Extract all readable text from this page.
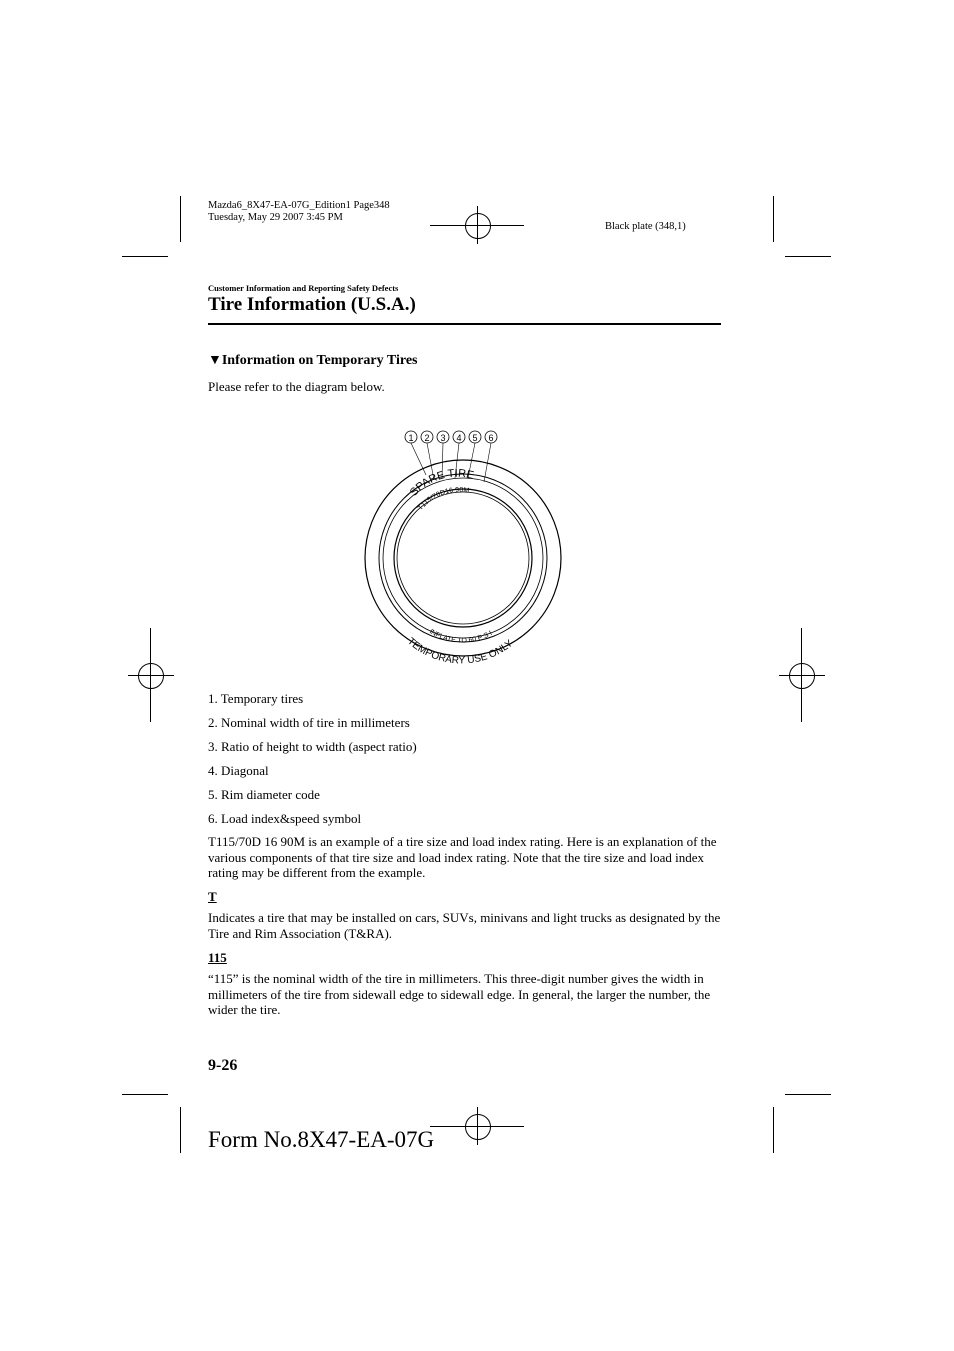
Mazda6_8X47-EA-07G_Edition1 Page348
Tuesday, May 29 2007 3:45 PM
Black plate (348,1)
Customer Information and Reporting Safety Defects
Tire Information (U.S.A.)
▼Information on Temporary Tires
Please refer to the diagram below.
1 2 3 4 5 6
SPARE TIRE
T115/70D16 90M
INFLATE TO 60 P S I
TEMPORARY USE ONLY
1. Temporary tires
2. Nominal width of tire in millimeters
3. Ratio of height to width (aspect ratio)
4. Diagonal
5. Rim diameter code
6. Load index&speed symbol
T115/70D 16 90M is an example of a tire size and load index rating. Here is an explanation of the various components of that tire size and load index rating. Note that the tire size and load index rating may be different from the example.
T
Indicates a tire that may be installed on cars, SUVs, minivans and light trucks as designated by the Tire and Rim Association (T&RA).
115
“115” is the nominal width of the tire in millimeters. This three-digit number gives the width in millimeters of the tire from sidewall edge to sidewall edge. In general, the larger the number, the wider the tire.
9-26
Form No.8X47-EA-07G
